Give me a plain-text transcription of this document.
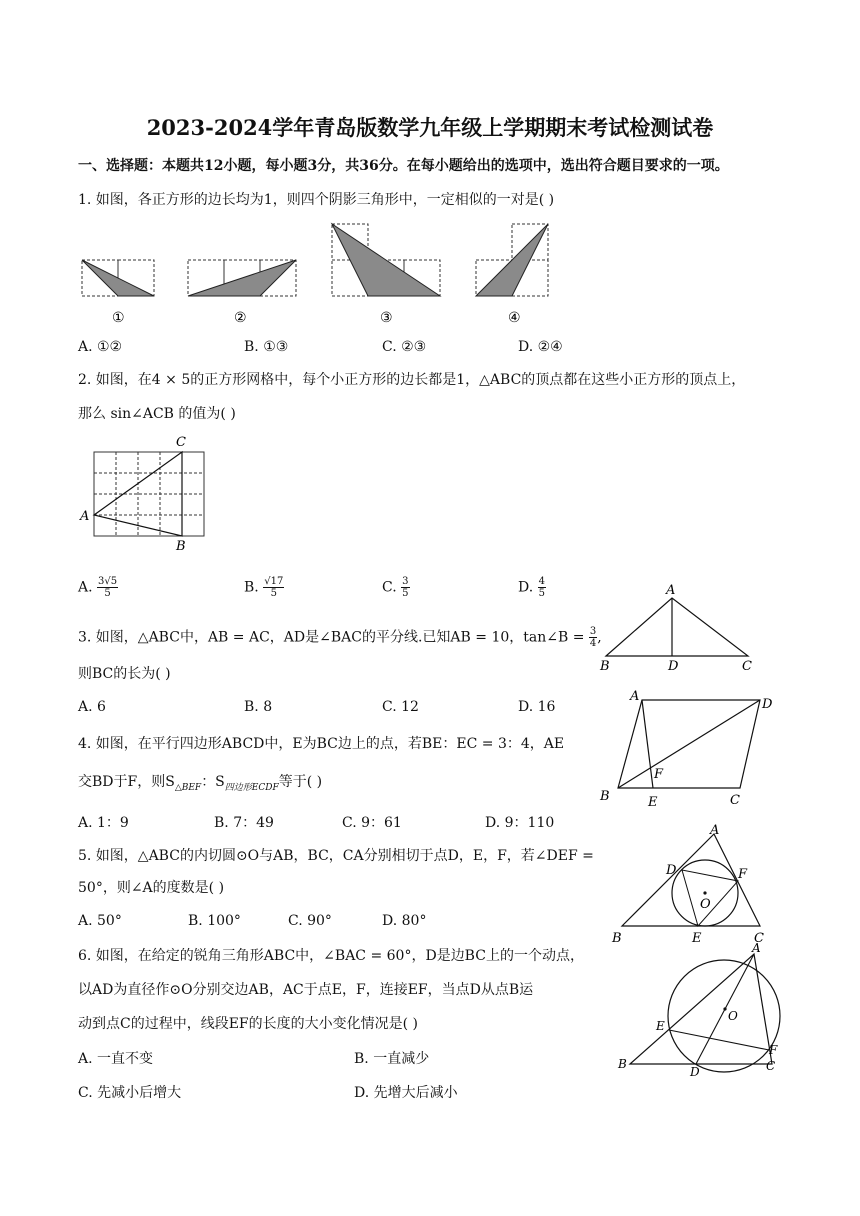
2023-2024学年青岛版数学九年级上学期期末考试检测试卷
一、选择题：本题共12小题，每小题3分，共36分。在每小题给出的选项中，选出符合题目要求的一项。
1. 如图，各正方形的边长均为1，则四个阴影三角形中，一定相似的一对是( )
①	②	③	④
A. ①②	B. ①③	C. ②③	D. ②④
2. 如图，在4 × 5的正方形网格中，每个小正方形的边长都是1，△ABC的顶点都在这些小正方形的顶点上，
那么 sin∠ACB 的值为( )
A
B
C
A. $\frac{3√5}{5}$	B. $\frac{√17}{5}$	C. $\frac{3}{5}$	D. $\frac{4}{5}$
3. 如图，△ABC中，AB = AC，AD是∠BAC的平分线.已知AB = 10，tan∠B = $\frac{3}{4}$ ,
则BC的长为( )
A. 6	B. 8	C. 12	D. 16
A
B	C
D
4. 如图，在平行四边形ABCD中，E为BC边上的点，若BE：EC = 3：4，AE
交BD于F，则$S_{\triangle BEF}$：$S_{四边形ECDF}$等于( )
A. 1：9	B. 7：49	C. 9：61	D. 9：110
A
D
B	E	C
F
5. 如图，△ABC的内切圆⊙O与AB，BC，CA分别相切于点D，E，F，若∠DEF =
50°，则∠A的度数是( )
A. 50°	B. 100°	C. 90°	D. 80°
A
B	C
D
E
F
O
6. 如图，在给定的锐角三角形ABC中，∠BAC = 60°，D是边BC上的一个动点，
以AD为直径作⊙O分别交边AB，AC于点E，F，连接EF，当点D从点B运
动到点C的过程中，线段EF的长度的大小变化情况是( )
A. 一直不变	B. 一直减少
C. 先减小后增大	D. 先增大后减小
A
B	C
D
E
F
O
